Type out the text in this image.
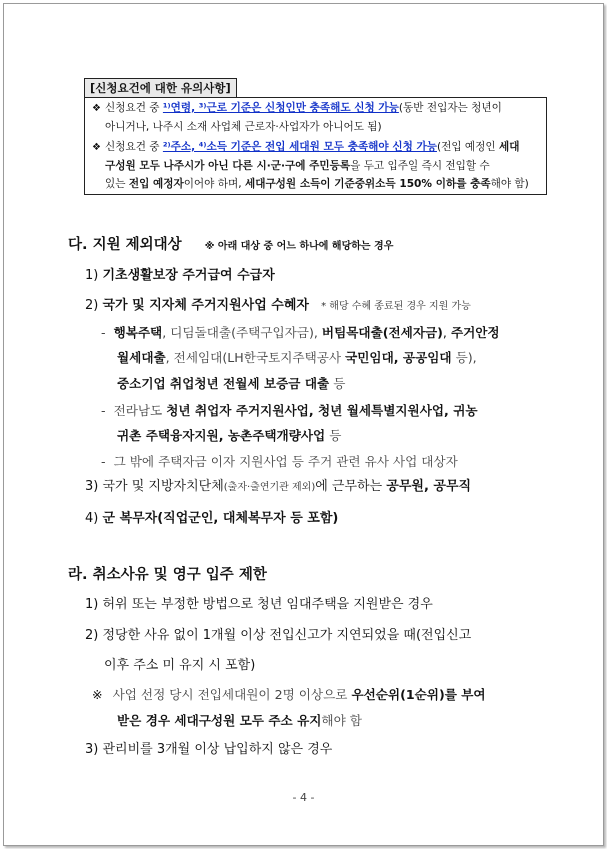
[신청요건에 대한 유의사항]
❖ 신청요건 중 ¹⁾연령, ³⁾근로 기준은 신청인만 충족해도 신청 가능(동반 전입자는 청년이
아니거나, 나주시 소재 사업체 근로자·사업자가 아니어도 됨)
❖ 신청요건 중 ²⁾주소, ⁴⁾소득 기준은 전입 세대원 모두 충족해야 신청 가능(전입 예정인 세대
구성원 모두 나주시가 아닌 다른 시·군·구에 주민등록을 두고 입주일 즉시 전입할 수
있는 전입 예정자이어야 하며, 세대구성원 소득이 기준중위소득 150% 이하를 충족해야 함)
다. 지원 제외대상 ※ 아래 대상 중 어느 하나에 해당하는 경우
1) 기초생활보장 주거급여 수급자
2) 국가 및 지자체 주거지원사업 수혜자 * 해당 수혜 종료된 경우 지원 가능
- 행복주택, 디딤돌대출(주택구입자금), 버팀목대출(전세자금), 주거안정
월세대출, 전세임대(LH한국토지주택공사 국민임대, 공공임대 등),
중소기업 취업청년 전월세 보증금 대출 등
- 전라남도 청년 취업자 주거지원사업, 청년 월세특별지원사업, 귀농
귀촌 주택융자지원, 농촌주택개량사업 등
- 그 밖에 주택자금 이자 지원사업 등 주거 관련 유사 사업 대상자
3) 국가 및 지방자치단체(출자·출연기관 제외)에 근무하는 공무원, 공무직
4) 군 복무자(직업군인, 대체복무자 등 포함)
라. 취소사유 및 영구 입주 제한
1) 허위 또는 부정한 방법으로 청년 임대주택을 지원받은 경우
2) 정당한 사유 없이 1개월 이상 전입신고가 지연되었을 때(전입신고
이후 주소 미 유지 시 포함)
※ 사업 선정 당시 전입세대원이 2명 이상으로 우선순위(1순위)를 부여
받은 경우 세대구성원 모두 주소 유지해야 함
3) 관리비를 3개월 이상 납입하지 않은 경우
- 4 -
